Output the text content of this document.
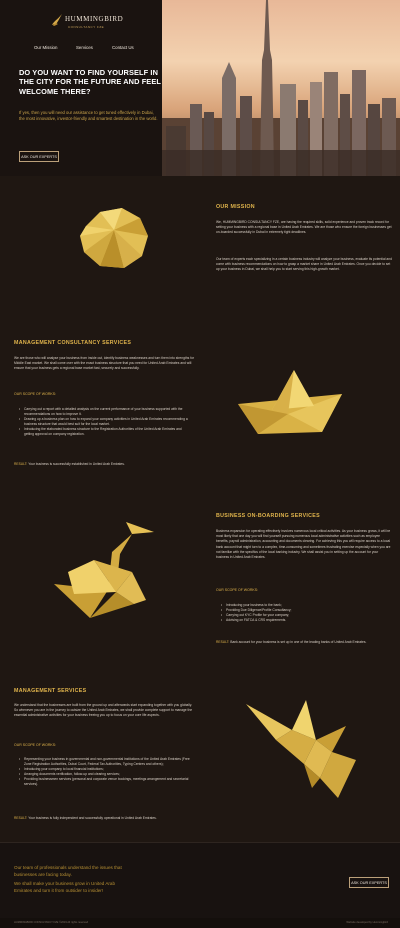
HUMMINGBIRD
CONSULTANCY FZE
Our Mission	Services	Contact Us
DO YOU WANT TO FIND YOURSELF IN THE CITY FOR THE FUTURE AND FEEL WELCOME THERE?
If yes, then you will need our assistance to get tuned effectively in Dubai, the most innovative, investor-friendly and smartest destination in the world.
ASK OUR EXPERTS
OUR MISSION
We, HUMMINGBIRD CONSULTANCY FZE, are having the required skills, solid experience and proven track record for setting your business with a regional base in United Arab Emirates. We are those who ensure the foreign businesses get on-boarded successfully in Dubai in extremely tight deadlines.
Our team of experts each specializing in a certain business industry will analyze your business, evaluate its potential and come with business recommendations on how to grasp a market share in United Arab Emirates. Once you decide to set up your business in Dubai, we shall help you to start serving this high-growth market.
MANAGEMENT CONSULTANCY SERVICES
We are those who will analyse your business from inside out, identify business weaknesses and turn them into strengths for Middle East market. We shall come over with the exact business structure that you need for United Arab Emirates and will ensure that your business gets a regional base market fast, securely and successfully.
OUR SCOPE OF WORKS:
• Carrying out a report with a detailed analysis on the current performance of your business supported with the recommendations on how to improve it.
• Drawing up a business plan on how to expand your company activities in United Arab Emirates recommending a business structure that would best suit for the local market.
• Introducing the elaborated business structure to the Registration Authorities of the United Arab Emirates and getting approval on company registration.
RESULT: Your business is successfully established in United Arab Emirates.
BUSINESS ON-BOARDING SERVICES
Business expansion for operating effectively involves numerous local critical activities. As your business grows, it will be most likely that one day you will find yourself pursuing numerous local administrative activities such as employee benefits, payroll administration, accounting and documents clearing. For achieving this you will require access to a local bank account that might turn to a complex, time-consuming and sometimes frustrating exercise especially when you are not familiar with the specifics of the local banking industry. We shall assist you in setting up the account for your business in United Arab Emirates.
OUR SCOPE OF WORKS:
• Introducing your business to the bank;
• Providing Due Diligence/Profile Consultancy;
• Carrying out KYC Profile for your company;
• Advising on FATCA & CRS requirements.
RESULT: Bank account for your business is set up in one of the leading banks of United Arab Emirates.
MANAGEMENT SERVICES
We understand that the businesses are built from the ground up and afterwards start expanding together with you globally. So whenever you are in the journey to outsize the United Arab Emirates, we shall provide complete support to manage the essential administrative activities for your business freeing you up to focus on your core life aspects.
OUR SCOPE OF WORKS:
• Representing your business in governmental and non-governmental institutions of the United Arab Emirates (Free Zone Registration Authorities, Dubai Court, Federal Tax Authorities, Typing Centres and others);
• Introducing your company to local financial institutions;
• Arranging documents verification, follow-up and clearing services;
• Providing businessmen services (personal and corporate venue bookings, meetings arrangement and secretarial services).
RESULT: Your business is fully independent and successfully operational in United Arab Emirates.
Our team of professionals understand the issues that businesses are facing today.
We shall make your business grow in United Arab Emirates and turn it from outsider to insider!
ASK OUR EXPERTS
HUMMINGBIRD CONSULTANCY FZE ©2019 All rights reserved	Website developed by Hummingbird
